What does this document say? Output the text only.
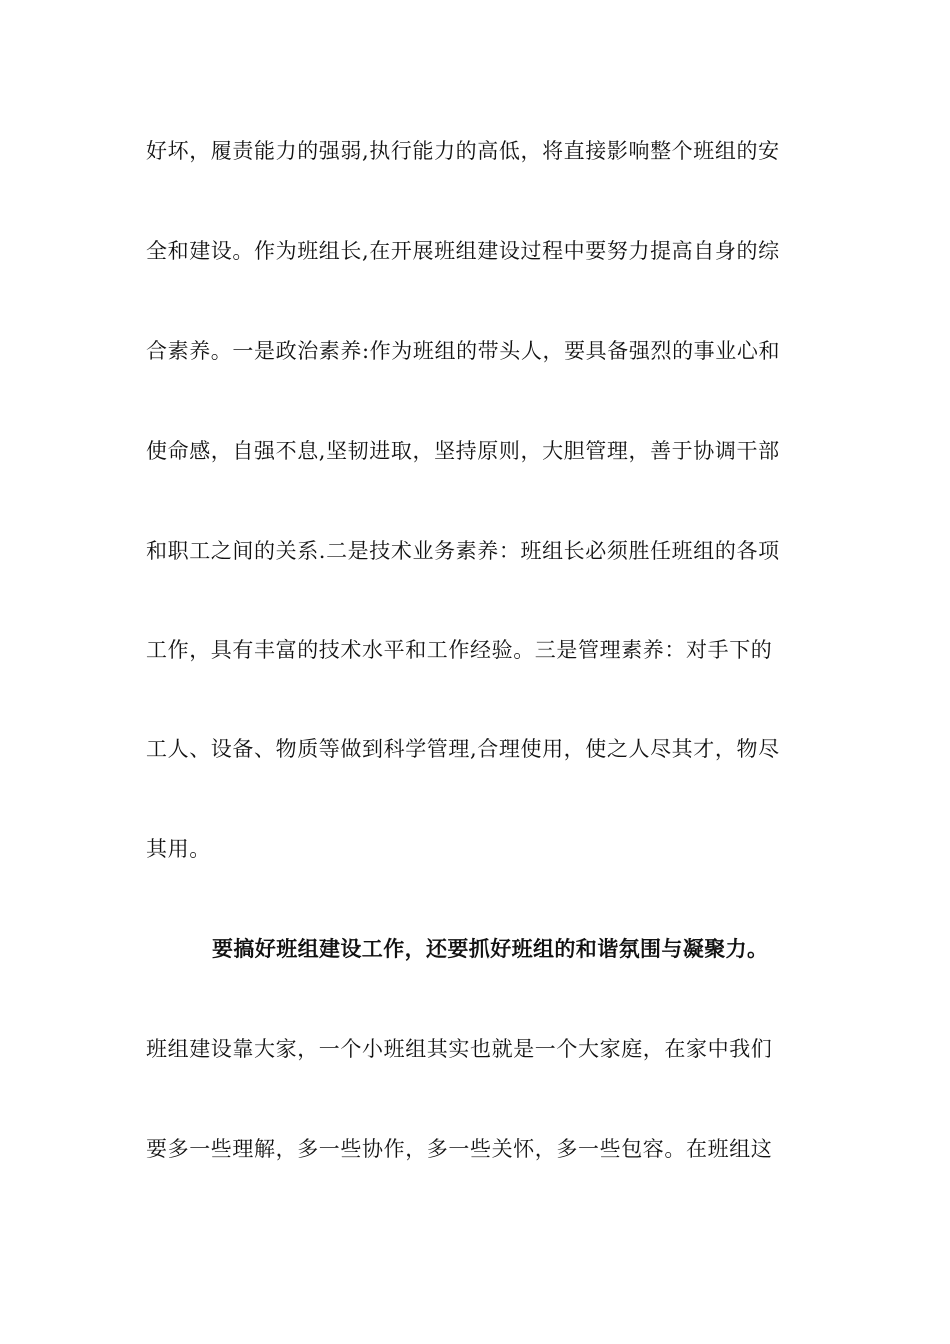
好坏，履责能力的强弱,执行能力的高低，将直接影响整个班组的安
全和建设。作为班组长,在开展班组建设过程中要努力提高自身的综
合素养。一是政治素养:作为班组的带头人，要具备强烈的事业心和
使命感，自强不息,坚韧进取，坚持原则，大胆管理，善于协调干部
和职工之间的关系.二是技术业务素养：班组长必须胜任班组的各项
工作，具有丰富的技术水平和工作经验。三是管理素养：对手下的
工人、设备、物质等做到科学管理,合理使用，使之人尽其才，物尽
其用。
要搞好班组建设工作，还要抓好班组的和谐氛围与凝聚力。
班组建设靠大家，一个小班组其实也就是一个大家庭，在家中我们
要多一些理解，多一些协作，多一些关怀，多一些包容。在班组这
